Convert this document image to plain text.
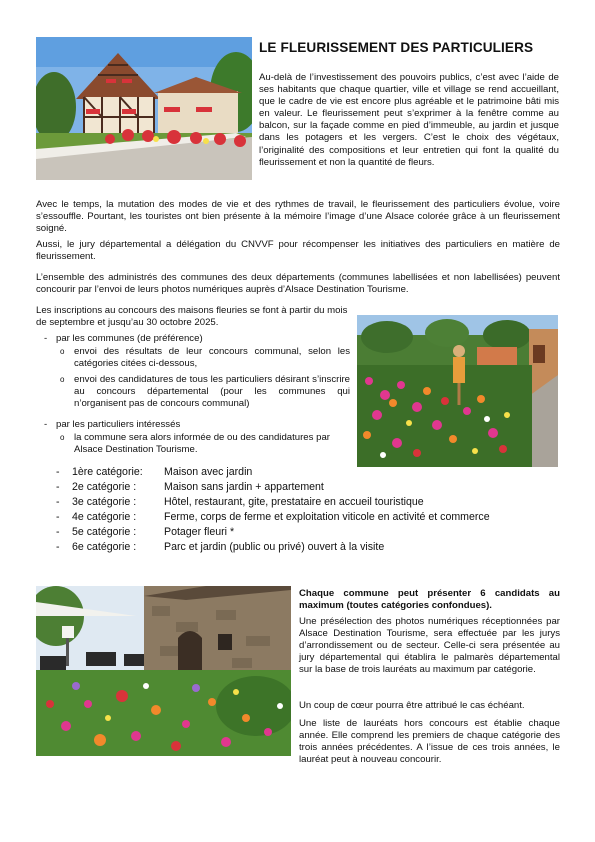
LE FLEURISSEMENT DES PARTICULIERS

Au-delà de l’investissement des pouvoirs publics, c’est avec l’aide de ses habitants que chaque quartier, ville et village se rend accueillant, que le cadre de vie est encore plus agréable et le patrimoine bâti mis en valeur. Le fleurissement peut s’exprimer à la fenêtre comme au balcon, sur la façade comme en pied d’immeuble, au jardin et jusque dans les potagers et les vergers. C’est le choix des végétaux, l’originalité des compositions et leur entretien qui font la qualité du fleurissement et non la quantité de fleurs.

Avec le temps, la mutation des modes de vie et des rythmes de travail, le fleurissement des particuliers évolue, voire s’essouffle. Pourtant, les touristes ont bien présente à la mémoire l’image d’une Alsace colorée grâce à un fleurissement soigné.

Aussi, le jury départemental a délégation du CNVVF pour récompenser les initiatives des particuliers en matière de fleurissement.

L’ensemble des administrés des communes des deux départements (communes labellisées et non labellisées) peuvent concourir par l’envoi de leurs photos numériques auprès d’Alsace Destination Tourisme.

Les inscriptions au concours des maisons fleuries se font à partir du mois de septembre et jusqu’au 30 octobre 2025.

- par les communes (de préférence)
o envoi des résultats de leur concours communal, selon les catégories citées ci-dessous,
o envoi des candidatures de tous les particuliers désirant s’inscrire au concours départemental (pour les communes qui n’organisent pas de concours communal)
- par les particuliers intéressés
o la commune sera alors informée de ou des candidatures par Alsace Destination Tourisme.
- 1ère catégorie: Maison avec jardin
- 2e catégorie :	Maison sans jardin + appartement
- 3e catégorie :	Hôtel, restaurant, gite, prestataire en accueil touristique
- 4e catégorie :	Ferme, corps de ferme et exploitation viticole en activité et commerce
- 5e catégorie :	Potager fleuri *
- 6e catégorie :	Parc et jardin (public ou privé) ouvert à la visite

Chaque commune peut présenter 6 candidats au maximum (toutes catégories confondues).

Une présélection des photos numériques réceptionnées par Alsace Destination Tourisme, sera effectuée par les jurys d’arrondissement ou de secteur. Celle-ci sera présentée au jury départemental qui établira le palmarès départemental sur la base de trois lauréats au maximum par catégorie.

Un coup de cœur pourra être attribué le cas échéant.

Une liste de lauréats hors concours est établie chaque année. Elle comprend les premiers de chaque catégorie des trois années précédentes. A l’issue de ces trois années, le lauréat peut à nouveau concourir.
